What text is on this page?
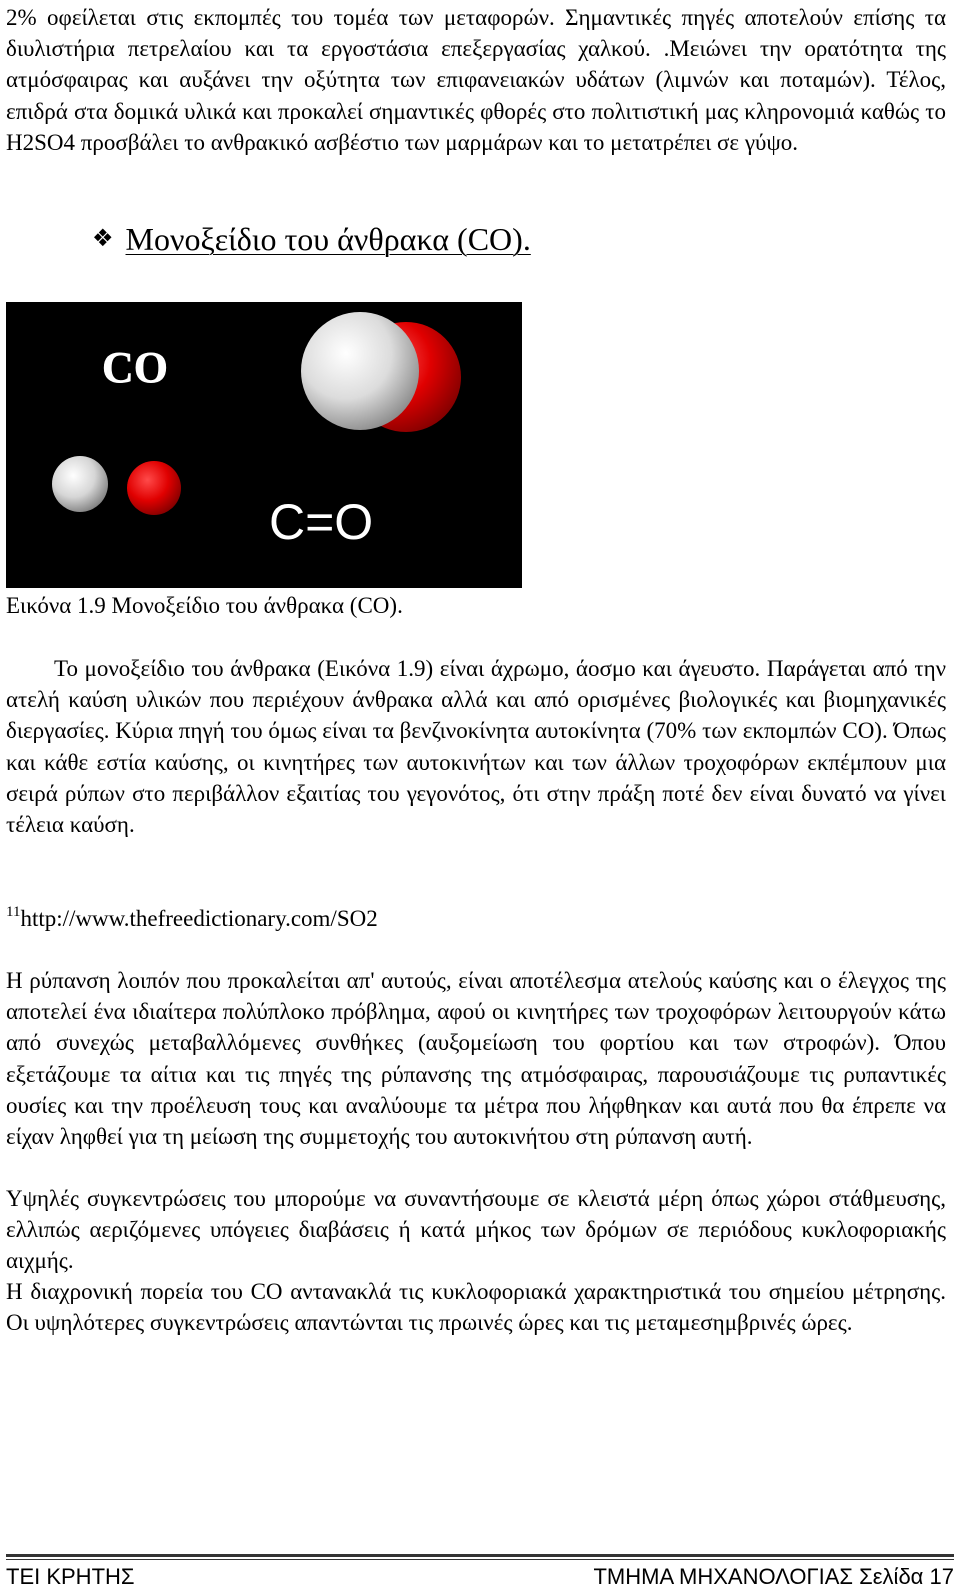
2% οφείλεται στις εκπομπές του τομέα των μεταφορών. Σημαντικές πηγές αποτελούν επίσης τα διυλιστήρια πετρελαίου και τα εργοστάσια επεξεργασίας χαλκού. .Μειώνει την ορατότητα της ατμόσφαιρας και αυξάνει την οξύτητα των επιφανειακών υδάτων (λιμνών και ποταμών). Τέλος, επιδρά στα δομικά υλικά και προκαλεί σημαντικές φθορές στο πολιτιστική μας κληρονομιά καθώς το H2SO4 προσβάλει το ανθρακικό ασβέστιο των μαρμάρων και το μετατρέπει σε γύψο.

❖ Μονοξείδιο του άνθρακα (CO).
CO
C=O

Εικόνα 1.9 Μονοξείδιο του άνθρακα (CO).

Το μονοξείδιο του άνθρακα (Εικόνα 1.9) είναι άχρωμο, άοσμο και άγευστο. Παράγεται από την ατελή καύση υλικών που περιέχουν άνθρακα αλλά και από ορισμένες βιολογικές και βιομηχανικές διεργασίες. Κύρια πηγή του όμως είναι τα βενζινοκίνητα αυτοκίνητα (70% των εκπομπών CO). Όπως και κάθε εστία καύσης, οι κινητήρες των αυτοκινήτων και των άλλων τροχοφόρων εκπέμπουν μια σειρά ρύπων στο περιβάλλον εξαιτίας του γεγονότος, ότι στην πράξη ποτέ δεν είναι δυνατό να γίνει τέλεια καύση.

$^{11}$http://www.thefreedictionary.com/SO2

Η ρύπανση λοιπόν που προκαλείται απ' αυτούς, είναι αποτέλεσμα ατελούς καύσης και ο έλεγχος της αποτελεί ένα ιδιαίτερα πολύπλοκο πρόβλημα, αφού οι κινητήρες των τροχοφόρων λειτουργούν κάτω από συνεχώς μεταβαλλόμενες συνθήκες (αυξομείωση του φορτίου και των στροφών). Όπου εξετάζουμε τα αίτια και τις πηγές της ρύπανσης της ατμόσφαιρας, παρουσιάζουμε τις ρυπαντικές ουσίες και την προέλευση τους και αναλύουμε τα μέτρα που λήφθηκαν και αυτά που θα έπρεπε να είχαν ληφθεί για τη μείωση της συμμετοχής του αυτοκινήτου στη ρύπανση αυτή.

Υψηλές συγκεντρώσεις του μπορούμε να συναντήσουμε σε κλειστά μέρη όπως χώροι στάθμευσης, ελλιπώς αεριζόμενες υπόγειες διαβάσεις ή κατά μήκος των δρόμων σε περιόδους κυκλοφοριακής αιχμής.

Η διαχρονική πορεία του CO αντανακλά τις κυκλοφοριακά χαρακτηριστικά του σημείου μέτρησης. Οι υψηλότερες συγκεντρώσεις απαντώνται τις πρωινές ώρες και τις μεταμεσημβρινές ώρες.

ΤΕΙ ΚΡΗΤΗΣ	ΤΜΗΜΑ ΜΗΧΑΝΟΛΟΓΙΑΣ Σελίδα 17
